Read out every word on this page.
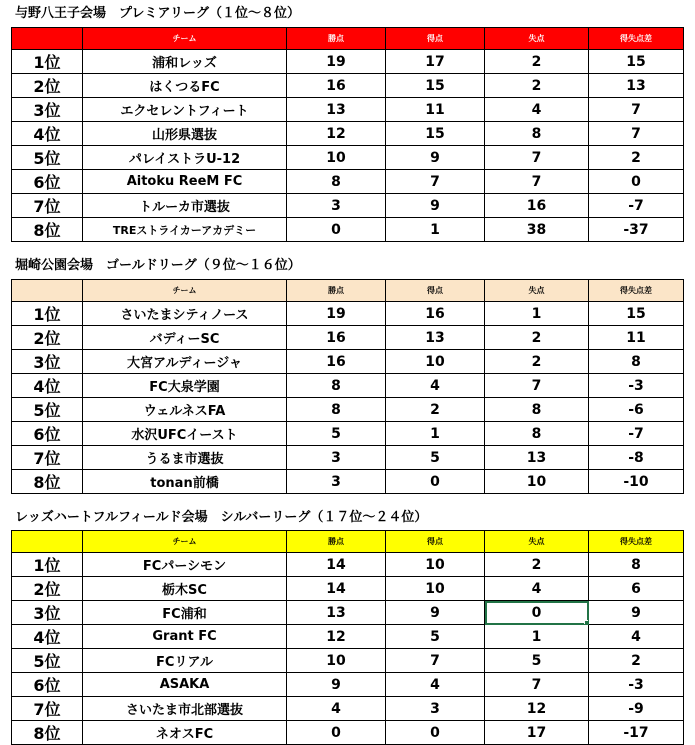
与野八王子会場　プレミアリーグ（１位～８位）
	チーム	勝点	得点	失点	得失点差
1位	浦和レッズ	19	17	2	15
2位	はくつるFC	16	15	2	13
3位	エクセレントフィート	13	11	4	7
4位	山形県選抜	12	15	8	7
5位	パレイストラU-12	10	9	7	2
6位	Aitoku ReeM FC	8	7	7	0
7位	トルーカ市選抜	3	9	16	-7
8位	TREストライカーアカデミー	0	1	38	-37
堀崎公園会場　ゴールドリーグ（９位～１６位）
	チーム	勝点	得点	失点	得失点差
1位	さいたまシティノース	19	16	1	15
2位	バディーSC	16	13	2	11
3位	大宮アルディージャ	16	10	2	8
4位	FC大泉学園	8	4	7	-3
5位	ウェルネスFA	8	2	8	-6
6位	水沢UFCイースト	5	1	8	-7
7位	うるま市選抜	3	5	13	-8
8位	tonan前橋	3	0	10	-10
レッズハートフルフィールド会場　シルバーリーグ（１７位～２４位）
	チーム	勝点	得点	失点	得失点差
1位	FCパーシモン	14	10	2	8
2位	栃木SC	14	10	4	6
3位	FC浦和	13	9	0	9
4位	Grant FC	12	5	1	4
5位	FCリアル	10	7	5	2
6位	ASAKA	9	4	7	-3
7位	さいたま市北部選抜	4	3	12	-9
8位	ネオスFC	0	0	17	-17
